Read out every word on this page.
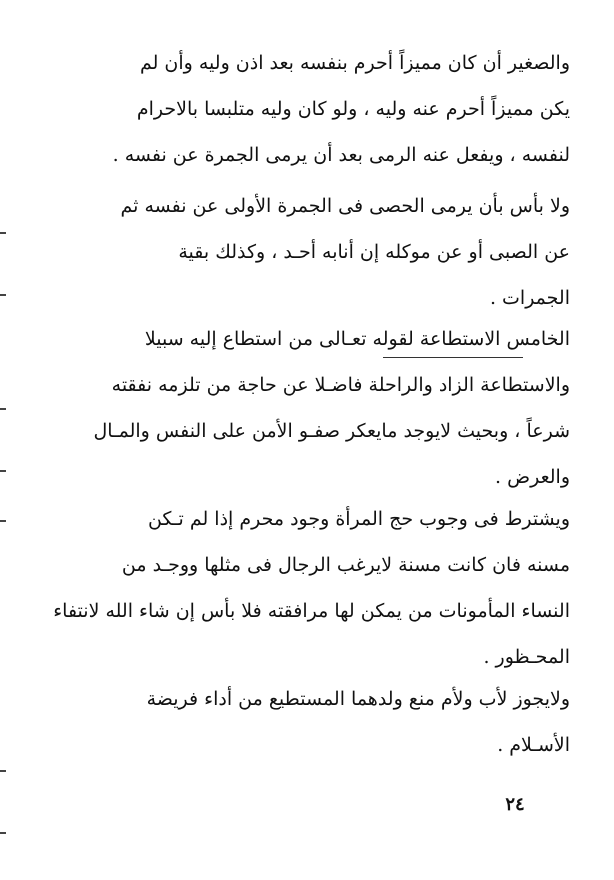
والصغير أن كان مميزاً أحرم بنفسه بعد اذن وليه وأن لم
يكن مميزاً أحرم عنه وليه ، ولو كان وليه متلبسا بالاحرام
لنفسه ، ويفعل عنه الرمى بعد أن يرمى الجمرة عن نفسه .
ولا بأس بأن يرمى الحصى فى الجمرة الأولى عن نفسه ثم
عن الصبى أو عن موكله إن أنابه أحـد ، وكذلك بقية
الجمرات .
الخامس الاستطاعة لقوله تعـالى من استطاع إليه سبيلا
والاستطاعة الزاد والراحلة فاضـلا عن حاجة من تلزمه نفقته
شرعاً ، وبحيث لايوجد مايعكر صفـو الأمن على النفس والمـال
والعرض .
ويشترط فى وجوب حج المرأة وجود محرم إذا لم تـكن
مسنه فان كانت مسنة لايرغب الرجال فى مثلها ووجـد من
النساء المأمونات من يمكن لها مرافقته فلا بأس إن شاء الله لانتفاء
المحـظور .
ولايجوز لأب ولأم منع ولدهما المستطيع من أداء فريضة
الأسـلام .
٢٤
